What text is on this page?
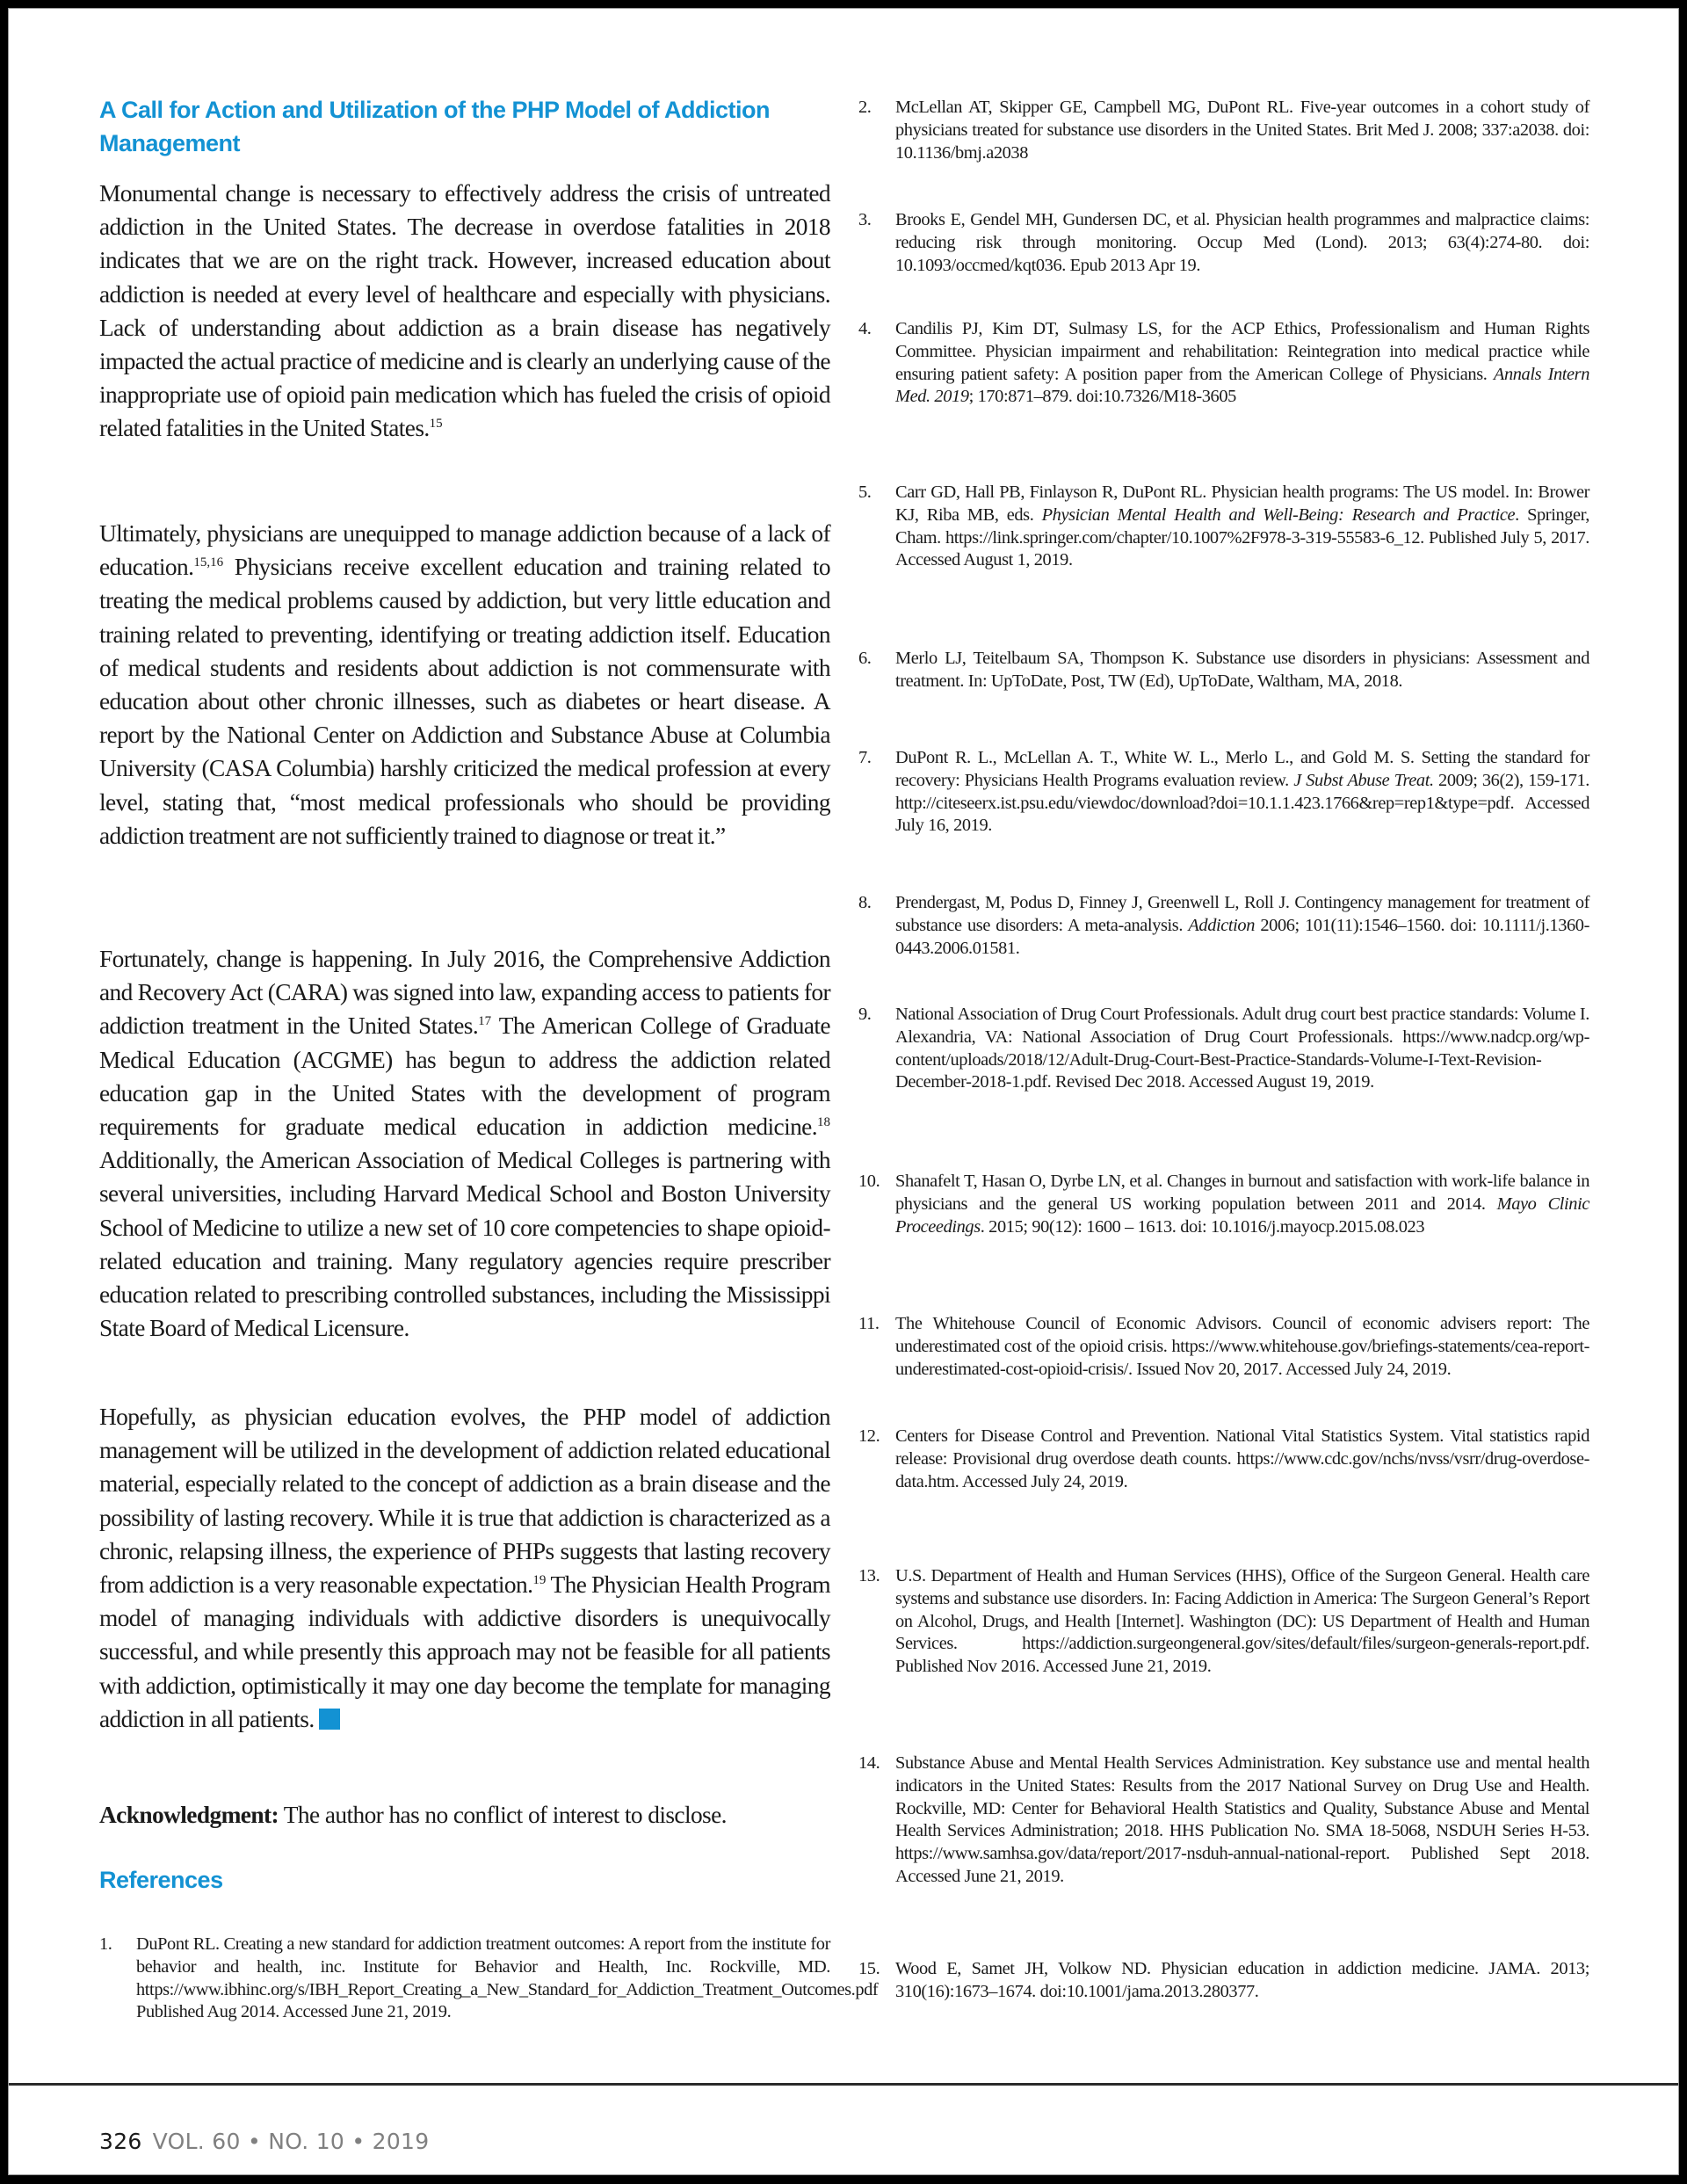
A Call for Action and Utilization of the PHP Model of Addiction Management

Monumental change is necessary to effectively address the crisis of untreated addiction in the United States. The decrease in overdose fatalities in 2018 indicates that we are on the right track. However, increased education about addiction is needed at every level of healthcare and especially with physicians. Lack of understanding about addiction as a brain disease has negatively impacted the actual practice of medicine and is clearly an underlying cause of the inappropriate use of opioid pain medication which has fueled the crisis of opioid related fatalities in the United States.$^{15}$

Ultimately, physicians are unequipped to manage addiction because of a lack of education.$^{15,16}$ Physicians receive excellent education and training related to treating the medical problems caused by addiction, but very little education and training related to preventing, identifying or treating addiction itself. Education of medical students and residents about addiction is not commensurate with education about other chronic illnesses, such as diabetes or heart disease. A report by the National Center on Addiction and Substance Abuse at Columbia University (CASA Columbia) harshly criticized the medical profession at every level, stating that, “most medical professionals who should be providing addiction treatment are not sufficiently trained to diagnose or treat it.”

Fortunately, change is happening. In July 2016, the Comprehensive Addiction and Recovery Act (CARA) was signed into law, expanding access to patients for addiction treatment in the United States.$^{17}$ The American College of Graduate Medical Education (ACGME) has begun to address the addiction related education gap in the United States with the development of program requirements for graduate medical education in addiction medicine.$^{18}$ Additionally, the American Association of Medical Colleges is partnering with several universities, including Harvard Medical School and Boston University School of Medicine to utilize a new set of 10 core competencies to shape opioid-related education and training. Many regulatory agencies require prescriber education related to prescribing controlled substances, including the Mississippi State Board of Medical Licensure.

Hopefully, as physician education evolves, the PHP model of addiction management will be utilized in the development of addiction related educational material, especially related to the concept of addiction as a brain disease and the possibility of lasting recovery. While it is true that addiction is characterized as a chronic, relapsing illness, the experience of PHPs suggests that lasting recovery from addiction is a very reasonable expectation.$^{19}$ The Physician Health Program model of managing individuals with addictive disorders is unequivocally successful, and while presently this approach may not be feasible for all patients with addiction, optimistically it may one day become the template for managing addiction in all patients.

Acknowledgment: The author has no conflict of interest to disclose.
References
1.	DuPont RL. Creating a new standard for addiction treatment outcomes: A report from the institute for behavior and health, inc. Institute for Behavior and Health, Inc. Rockville, MD. https://www.ibhinc.org/s/IBH_Report_Creating_a_New_Standard_for_Addiction_Treatment_Outcomes.pdf Published Aug 2014. Accessed June 21, 2019.
2.	McLellan AT, Skipper GE, Campbell MG, DuPont RL. Five-year outcomes in a cohort study of physicians treated for substance use disorders in the United States. Brit Med J. 2008; 337:a2038. doi: 10.1136/bmj.a2038
3.	Brooks E, Gendel MH, Gundersen DC, et al. Physician health programmes and malpractice claims: reducing risk through monitoring. Occup Med (Lond). 2013; 63(4):274-80. doi: 10.1093/occmed/kqt036. Epub 2013 Apr 19.
4.	Candilis PJ, Kim DT, Sulmasy LS, for the ACP Ethics, Professionalism and Human Rights Committee. Physician impairment and rehabilitation: Reintegration into medical practice while ensuring patient safety: A position paper from the American College of Physicians. Annals Intern Med. 2019; 170:871–879. doi:10.7326/M18-3605
5.	Carr GD, Hall PB, Finlayson R, DuPont RL. Physician health programs: The US model. In: Brower KJ, Riba MB, eds. Physician Mental Health and Well-Being: Research and Practice. Springer, Cham. https://link.springer.com/chapter/10.1007%2F978-3-319-55583-6_12. Published July 5, 2017. Accessed August 1, 2019.
6.	Merlo LJ, Teitelbaum SA, Thompson K. Substance use disorders in physicians: Assessment and treatment. In: UpToDate, Post, TW (Ed), UpToDate, Waltham, MA, 2018.
7.	DuPont R. L., McLellan A. T., White W. L., Merlo L., and Gold M. S. Setting the standard for recovery: Physicians Health Programs evaluation review. J Subst Abuse Treat. 2009; 36(2), 159-171. http://citeseerx.ist.psu.edu/viewdoc/download?doi=10.1.1.423.1766&rep=rep1&type=pdf. Accessed July 16, 2019.
8.	Prendergast, M, Podus D, Finney J, Greenwell L, Roll J. Contingency management for treatment of substance use disorders: A meta-analysis. Addiction 2006; 101(11):1546–1560. doi: 10.1111/j.1360-0443.2006.01581.
9.	National Association of Drug Court Professionals. Adult drug court best practice standards: Volume I. Alexandria, VA: National Association of Drug Court Professionals. https://www.nadcp.org/wp-content/uploads/2018/12/Adult-Drug-Court-Best-Practice-Standards-Volume-I-Text-Revision-December-2018-1.pdf. Revised Dec 2018. Accessed August 19, 2019.
10. Shanafelt T, Hasan O, Dyrbe LN, et al. Changes in burnout and satisfaction with work-life balance in physicians and the general US working population between 2011 and 2014. Mayo Clinic Proceedings. 2015; 90(12): 1600 – 1613. doi: 10.1016/j.mayocp.2015.08.023
11. The Whitehouse Council of Economic Advisors. Council of economic advisers report: The underestimated cost of the opioid crisis. https://www.whitehouse.gov/briefings-statements/cea-report-underestimated-cost-opioid-crisis/. Issued Nov 20, 2017. Accessed July 24, 2019.
12. Centers for Disease Control and Prevention. National Vital Statistics System. Vital statistics rapid release: Provisional drug overdose death counts. https://www.cdc.gov/nchs/nvss/vsrr/drug-overdose-data.htm. Accessed July 24, 2019.
13. U.S. Department of Health and Human Services (HHS), Office of the Surgeon General. Health care systems and substance use disorders. In: Facing Addiction in America: The Surgeon General’s Report on Alcohol, Drugs, and Health [Internet]. Washington (DC): US Department of Health and Human Services. https://addiction.surgeongeneral.gov/sites/default/files/surgeon-generals-report.pdf. Published Nov 2016. Accessed June 21, 2019.
14. Substance Abuse and Mental Health Services Administration. Key substance use and mental health indicators in the United States: Results from the 2017 National Survey on Drug Use and Health. Rockville, MD: Center for Behavioral Health Statistics and Quality, Substance Abuse and Mental Health Services Administration; 2018. HHS Publication No. SMA 18-5068, NSDUH Series H-53. https://www.samhsa.gov/data/report/2017-nsduh-annual-national-report. Published Sept 2018. Accessed June 21, 2019.
15. Wood E, Samet JH, Volkow ND. Physician education in addiction medicine. JAMA. 2013; 310(16):1673–1674. doi:10.1001/jama.2013.280377.
326 VOL. 60 • NO. 10 • 2019
